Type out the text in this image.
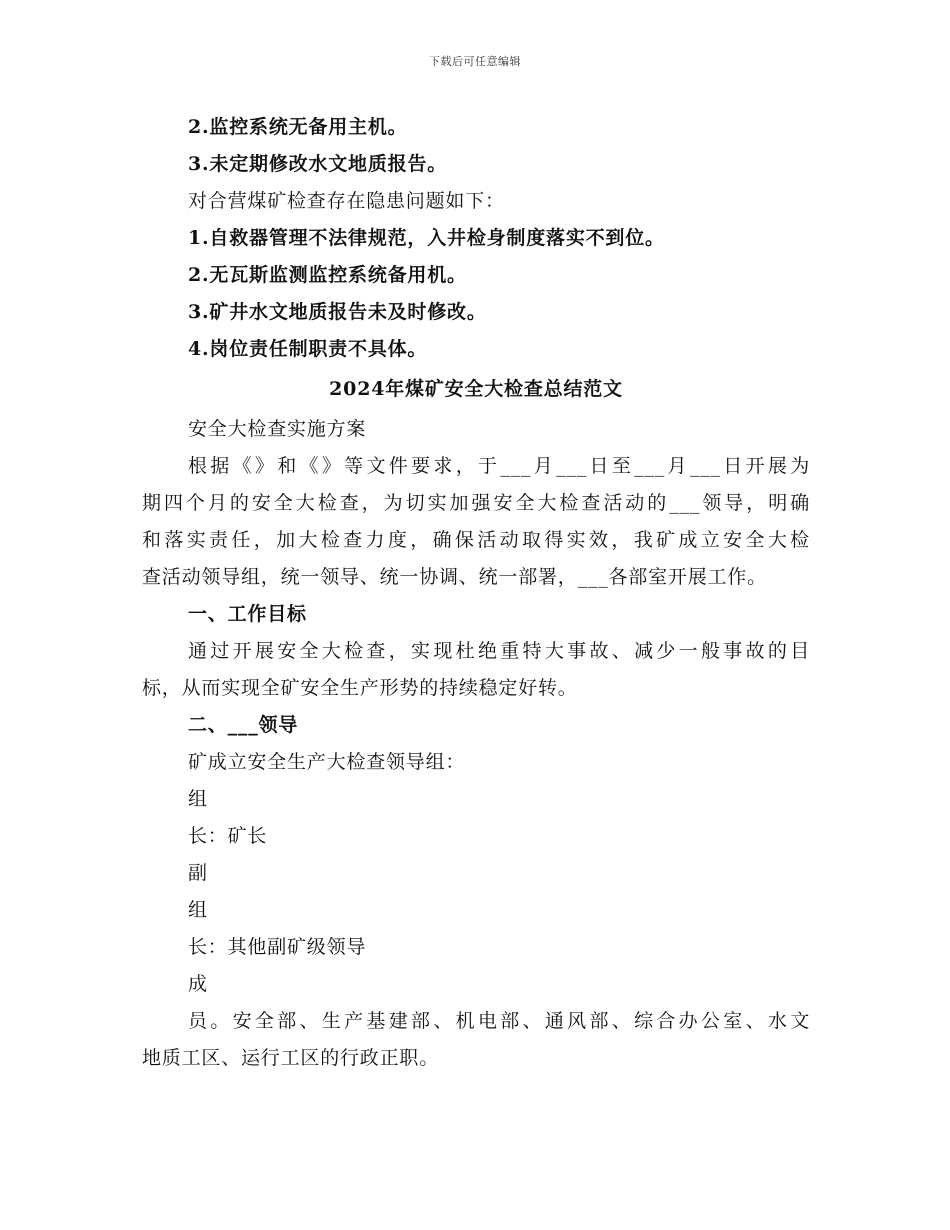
下载后可任意编辑
2.监控系统无备用主机。
3.未定期修改水文地质报告。
对合营煤矿检查存在隐患问题如下：
1.自救器管理不法律规范，入井检身制度落实不到位。
2.无瓦斯监测监控系统备用机。
3.矿井水文地质报告未及时修改。
4.岗位责任制职责不具体。
2024年煤矿安全大检查总结范文
安全大检查实施方案
根据《》和《》等文件要求，于___月___日至___月___日开展为
期四个月的安全大检查，为切实加强安全大检查活动的___领导，明确
和落实责任，加大检查力度，确保活动取得实效，我矿成立安全大检
查活动领导组，统一领导、统一协调、统一部署，___各部室开展工作。
一、工作目标
通过开展安全大检查，实现杜绝重特大事故、减少一般事故的目
标，从而实现全矿安全生产形势的持续稳定好转。
二、___领导
矿成立安全生产大检查领导组：
组
长：矿长
副
组
长：其他副矿级领导
成
员。安全部、生产基建部、机电部、通风部、综合办公室、水文
地质工区、运行工区的行政正职。
